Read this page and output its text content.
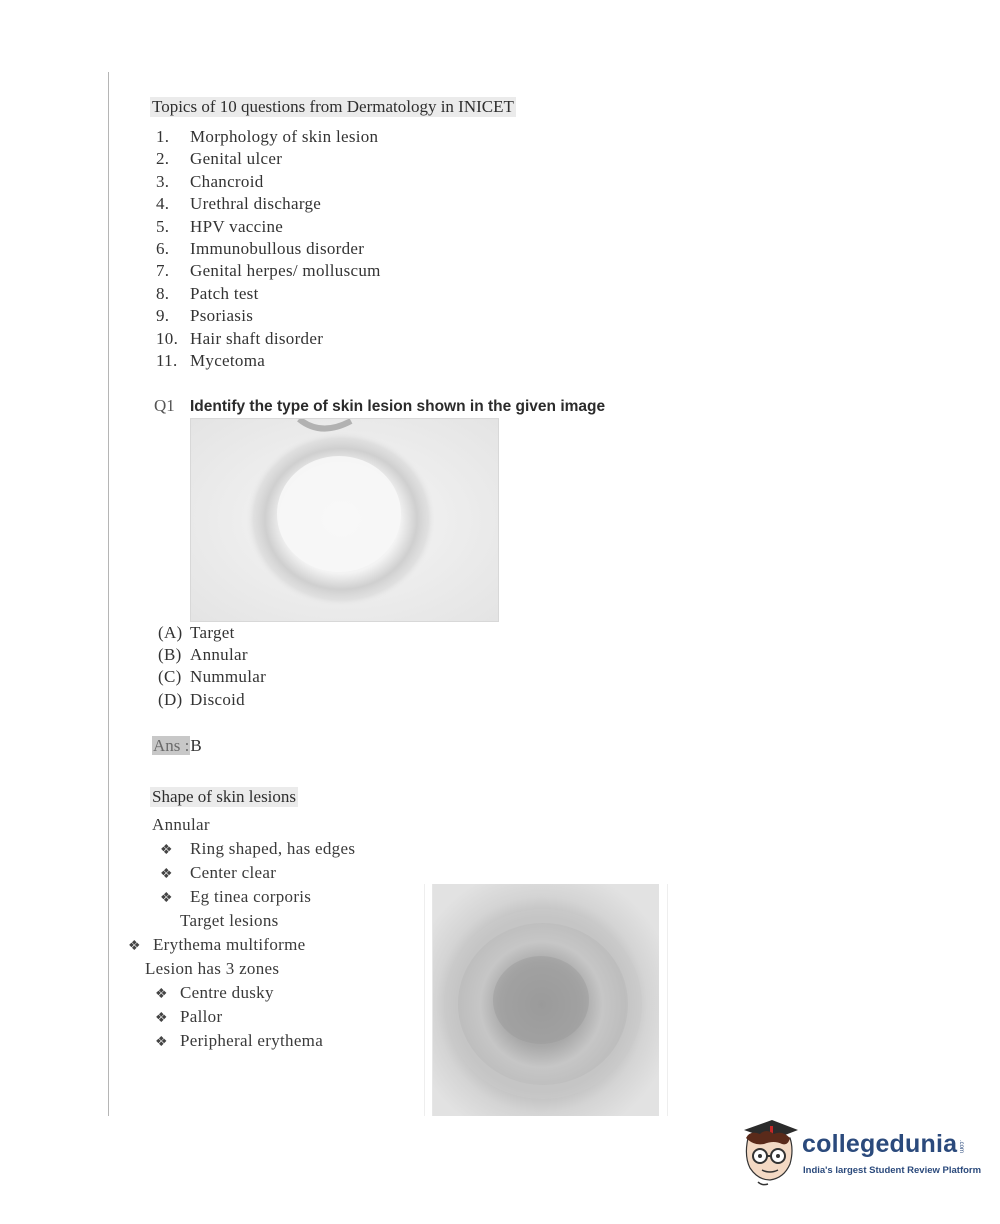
Topics of 10 questions from Dermatology in INICET
1. Morphology of skin lesion
2. Genital ulcer
3. Chancroid
4. Urethral discharge
5. HPV vaccine
6. Immunobullous disorder
7. Genital herpes/ molluscum
8. Patch test
9. Psoriasis
10. Hair shaft disorder
11. Mycetoma
Q1 Identify the type of skin lesion shown in the given image
(A) Target
(B) Annular
(C) Nummular
(D) Discoid
Ans :B
Shape of skin lesions
Annular
❖ Ring shaped, has edges
❖ Center clear
❖ Eg tinea corporis
Target lesions
❖ Erythema multiforme
Lesion has 3 zones
❖ Centre dusky
❖ Pallor
❖ Peripheral erythema
collegedunia .com
India's largest Student Review Platform
